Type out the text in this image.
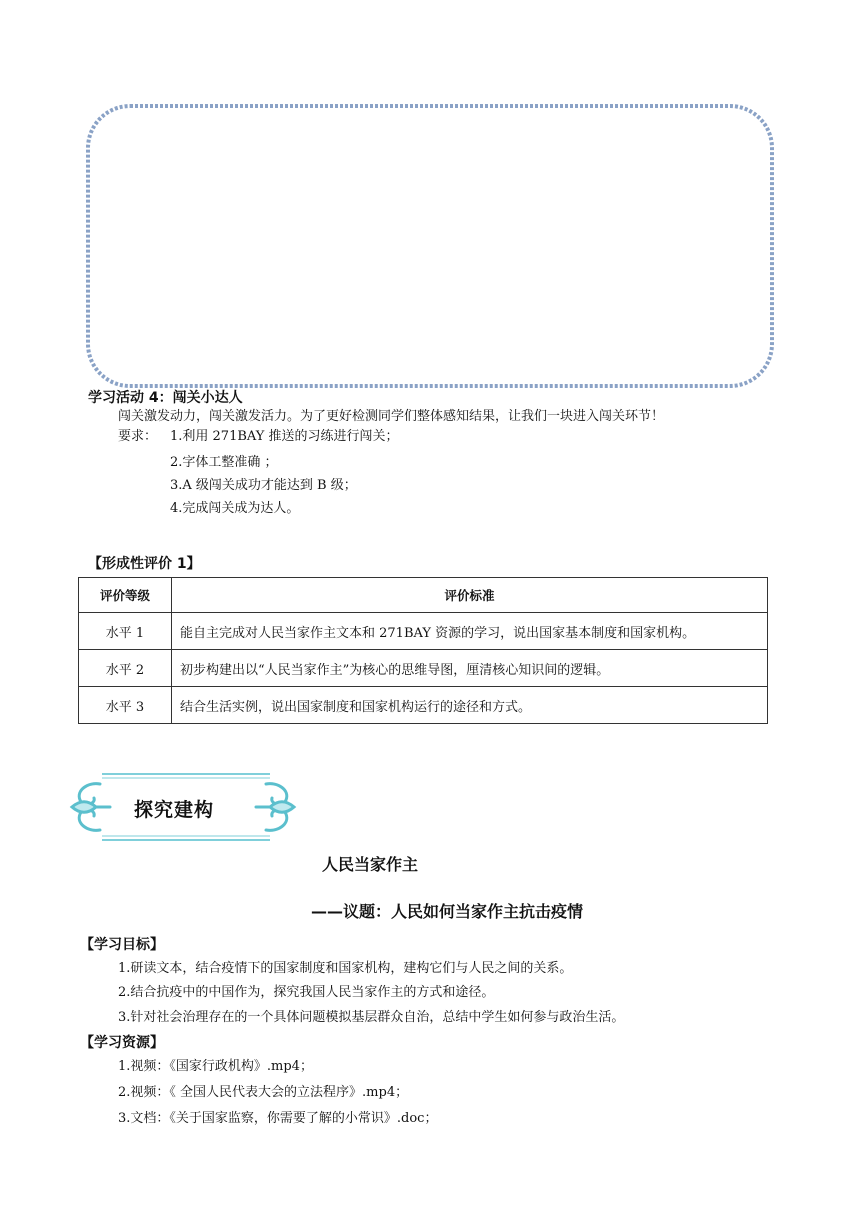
学习活动 4：闯关小达人
闯关激发动力，闯关激发活力。为了更好检测同学们整体感知结果，让我们一块进入闯关环节！
要求： 1.利用 271BAY 推送的习练进行闯关；
2.字体工整准确 ；
3.A 级闯关成功才能达到 B 级；
4.完成闯关成为达人。
【形成性评价 1】
评价等级	评价标准
水平 1	能自主完成对人民当家作主文本和 271BAY 资源的学习，说出国家基本制度和国家机构。
水平 2	初步构建出以“人民当家作主”为核心的思维导图，厘清核心知识间的逻辑。
水平 3	结合生活实例，说出国家制度和国家机构运行的途径和方式。
探究建构
人民当家作主
——议题：人民如何当家作主抗击疫情
【学习目标】
1.研读文本，结合疫情下的国家制度和国家机构，建构它们与人民之间的关系。
2.结合抗疫中的中国作为，探究我国人民当家作主的方式和途径。
3.针对社会治理存在的一个具体问题模拟基层群众自治，总结中学生如何参与政治生活。
【学习资源】
1.视频：《国家行政机构》.mp4；
2.视频：《 全国人民代表大会的立法程序》.mp4；
3.文档：《关于国家监察，你需要了解的小常识》.doc；
